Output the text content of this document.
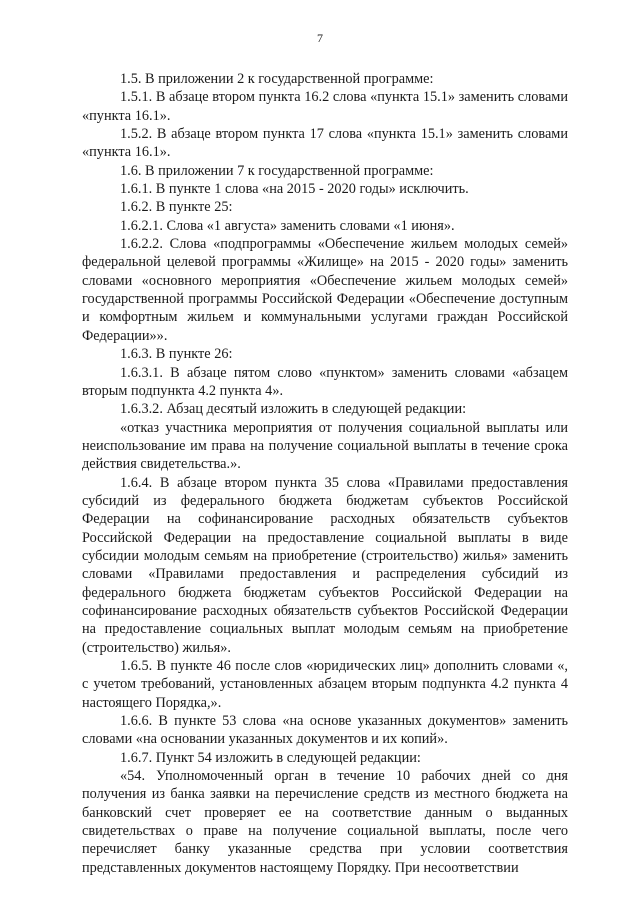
7

1.5. В приложении 2 к государственной программе:

1.5.1. В абзаце втором пункта 16.2 слова «пункта 15.1» заменить словами «пункта 16.1».

1.5.2. В абзаце втором пункта 17 слова «пункта 15.1» заменить словами «пункта 16.1».

1.6. В приложении 7 к государственной программе:

1.6.1. В пункте 1 слова «на 2015 - 2020 годы» исключить.

1.6.2. В пункте 25:

1.6.2.1. Слова «1 августа» заменить словами «1 июня».

1.6.2.2. Слова «подпрограммы «Обеспечение жильем молодых семей» федеральной целевой программы «Жилище» на 2015 - 2020 годы» заменить словами «основного мероприятия «Обеспечение жильем молодых семей» государственной программы Российской Федерации «Обеспечение доступным и комфортным жильем и коммунальными услугами граждан Российской Федерации»».

1.6.3. В пункте 26:

1.6.3.1. В абзаце пятом слово «пунктом» заменить словами «абзацем вторым подпункта 4.2 пункта 4».

1.6.3.2. Абзац десятый изложить в следующей редакции:

«отказ участника мероприятия от получения социальной выплаты или неиспользование им права на получение социальной выплаты в течение срока действия свидетельства.».

1.6.4. В абзаце втором пункта 35 слова «Правилами предоставления субсидий из федерального бюджета бюджетам субъектов Российской Федерации на софинансирование расходных обязательств субъектов Российской Федерации на предоставление социальной выплаты в виде субсидии молодым семьям на приобретение (строительство) жилья» заменить словами «Правилами предоставления и распределения субсидий из федерального бюджета бюджетам субъектов Российской Федерации на софинансирование расходных обязательств субъектов Российской Федерации на предоставление социальных выплат молодым семьям на приобретение (строительство) жилья».

1.6.5. В пункте 46 после слов «юридических лиц» дополнить словами «, с учетом требований, установленных абзацем вторым подпункта 4.2 пункта 4 настоящего Порядка,».

1.6.6. В пункте 53 слова «на основе указанных документов» заменить словами «на основании указанных документов и их копий».

1.6.7. Пункт 54 изложить в следующей редакции:

«54. Уполномоченный орган в течение 10 рабочих дней со дня получения из банка заявки на перечисление средств из местного бюджета на банковский счет проверяет ее на соответствие данным о выданных свидетельствах о праве на получение социальной выплаты, после чего перечисляет банку указанные средства при условии соответствия представленных документов настоящему Порядку. При несоответствии
